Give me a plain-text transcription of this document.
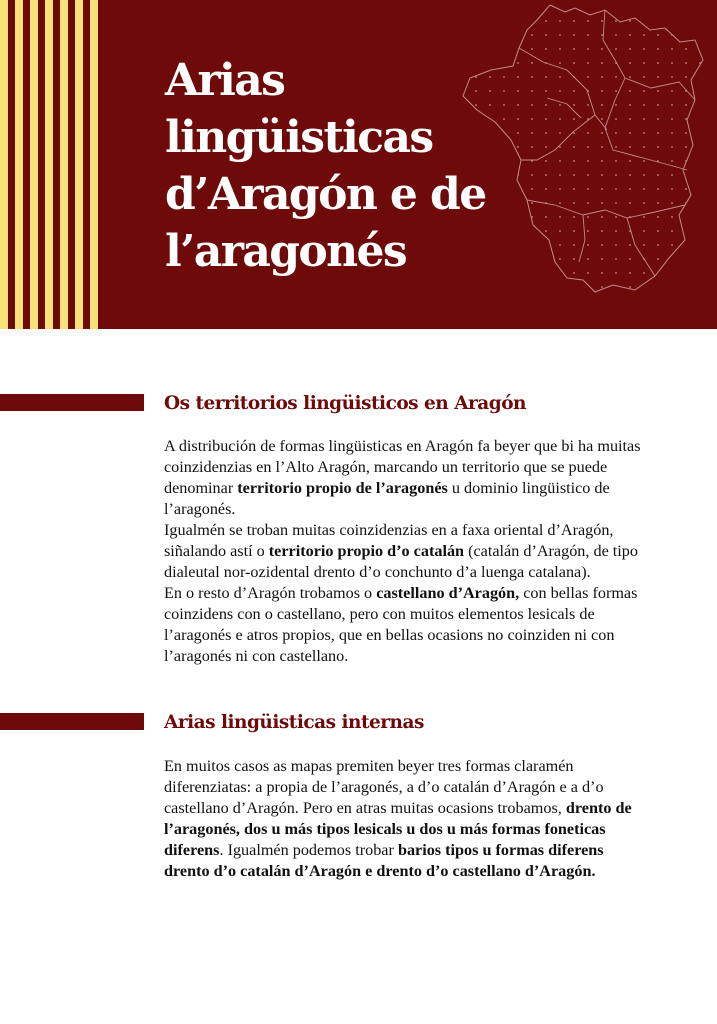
Arias
lingüisticas
d’Aragón e de
l’aragonés
Os territorios lingüisticos en Aragón
A distribución de formas lingüisticas en Aragón fa beyer que bi ha muitas coinzidenzias en l’Alto Aragón, marcando un territorio que se puede denominar territorio propio de l’aragonés u dominio lingüistico de l’aragonés.
Igualmén se troban muitas coinzidenzias en a faxa oriental d’Aragón, siñalando astí o territorio propio d’o catalán (catalán d’Aragón, de tipo dialeutal nor-ozidental drento d’o conchunto d’a luenga catalana).
En o resto d’Aragón trobamos o castellano d’Aragón, con bellas formas coinzidens con o castellano, pero con muitos elementos lesicals de l’aragonés e atros propios, que en bellas ocasions no coinziden ni con l’aragonés ni con castellano.
Arias lingüisticas internas
En muitos casos as mapas premiten beyer tres formas claramén diferenziatas: a propia de l’aragonés, a d’o catalán d’Aragón e a d’o castellano d’Aragón. Pero en atras muitas ocasions trobamos, drento de l’aragonés, dos u más tipos lesicals u dos u más formas foneticas diferens. Igualmén podemos trobar barios tipos u formas diferens drento d’o catalán d’Aragón e drento d’o castellano d’Aragón.
